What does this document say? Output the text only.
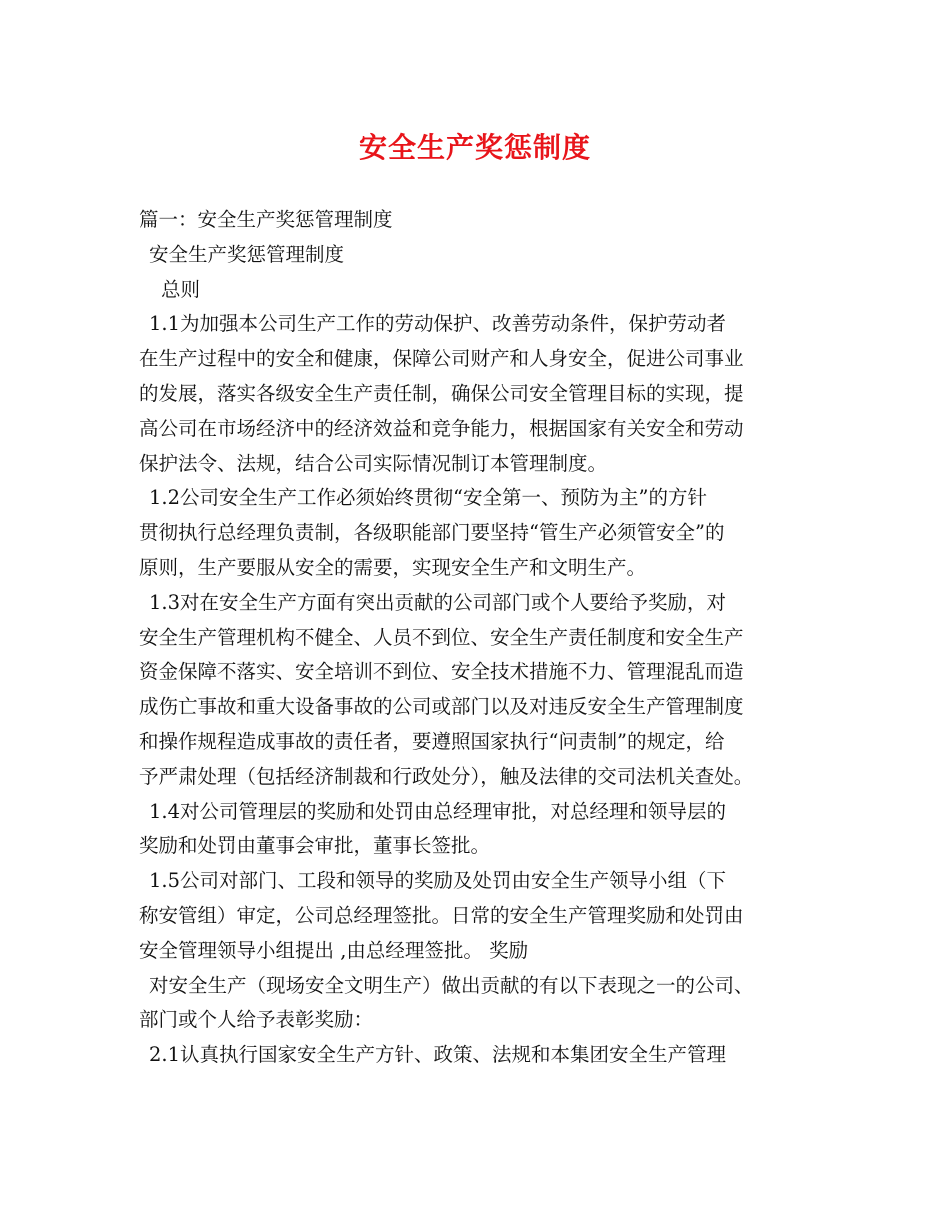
安全生产奖惩制度
篇一：安全生产奖惩管理制度
安全生产奖惩管理制度
总则
1.1为加强本公司生产工作的劳动保护、改善劳动条件，保护劳动者
在生产过程中的安全和健康，保障公司财产和人身安全，促进公司事业
的发展，落实各级安全生产责任制，确保公司安全管理目标的实现，提
高公司在市场经济中的经济效益和竞争能力，根据国家有关安全和劳动
保护法令、法规，结合公司实际情况制订本管理制度。
1.2公司安全生产工作必须始终贯彻“安全第一、预防为主”的方针
贯彻执行总经理负责制，各级职能部门要坚持“管生产必须管安全”的
原则，生产要服从安全的需要，实现安全生产和文明生产。
1.3对在安全生产方面有突出贡献的公司部门或个人要给予奖励，对
安全生产管理机构不健全、人员不到位、安全生产责任制度和安全生产
资金保障不落实、安全培训不到位、安全技术措施不力、管理混乱而造
成伤亡事故和重大设备事故的公司或部门以及对违反安全生产管理制度
和操作规程造成事故的责任者，要遵照国家执行“问责制”的规定，给
予严肃处理（包括经济制裁和行政处分），触及法律的交司法机关查处。
1.4对公司管理层的奖励和处罚由总经理审批，对总经理和领导层的
奖励和处罚由董事会审批，董事长签批。
1.5公司对部门、工段和领导的奖励及处罚由安全生产领导小组（下
称安管组）审定，公司总经理签批。日常的安全生产管理奖励和处罚由
安全管理领导小组提出 ,由总经理签批。 奖励
对安全生产（现场安全文明生产）做出贡献的有以下表现之一的公司、
部门或个人给予表彰奖励：
2.1认真执行国家安全生产方针、政策、法规和本集团安全生产管理
